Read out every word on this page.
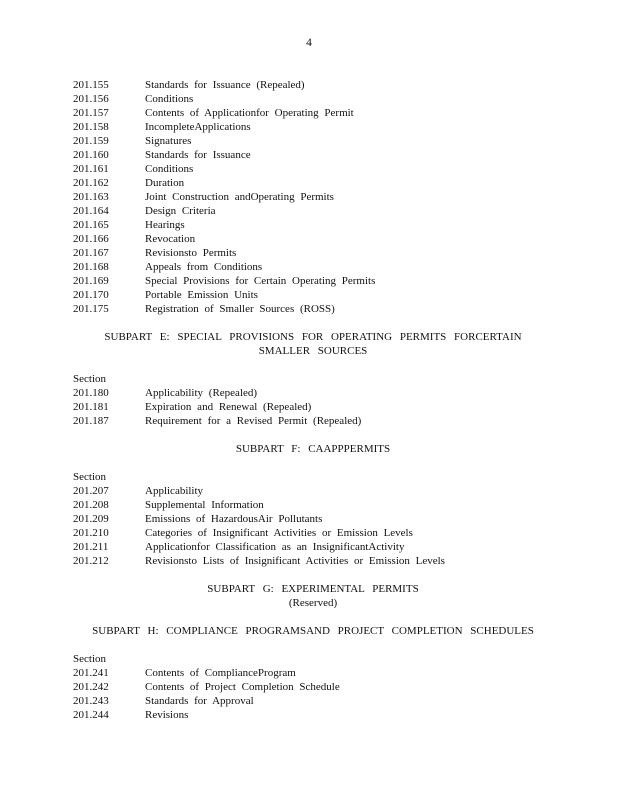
4
201.155	Standards for Issuance (Repealed)
201.156	Conditions
201.157	Contents of Applicationfor Operating Permit
201.158	IncompleteApplications
201.159	Signatures
201.160	Standards for Issuance
201.161	Conditions
201.162	Duration
201.163	Joint Construction andOperating Permits
201.164	Design Criteria
201.165	Hearings
201.166	Revocation
201.167	Revisionsto Permits
201.168	Appeals from Conditions
201.169	Special Provisions for Certain Operating Permits
201.170	Portable Emission Units
201.175	Registration of Smaller Sources (ROSS)
SUBPART E: SPECIAL PROVISIONS FOR OPERATING PERMITS FORCERTAIN
SMALLER SOURCES
Section
201.180	Applicability (Repealed)
201.181	Expiration and Renewal (Repealed)
201.187	Requirement for a Revised Permit (Repealed)
SUBPART F: CAAPPPERMITS
Section
201.207	Applicability
201.208	Supplemental Information
201.209	Emissions of HazardousAir Pollutants
201.210	Categories of Insignificant Activities or Emission Levels
201.211	Applicationfor Classification as an InsignificantActivity
201.212	Revisionsto Lists of Insignificant Activities or Emission Levels
SUBPART G: EXPERIMENTAL PERMITS
(Reserved)
SUBPART H: COMPLIANCE PROGRAMSAND PROJECT COMPLETION SCHEDULES
Section
201.241	Contents of ComplianceProgram
201.242	Contents of Project Completion Schedule
201.243	Standards for Approval
201.244	Revisions
